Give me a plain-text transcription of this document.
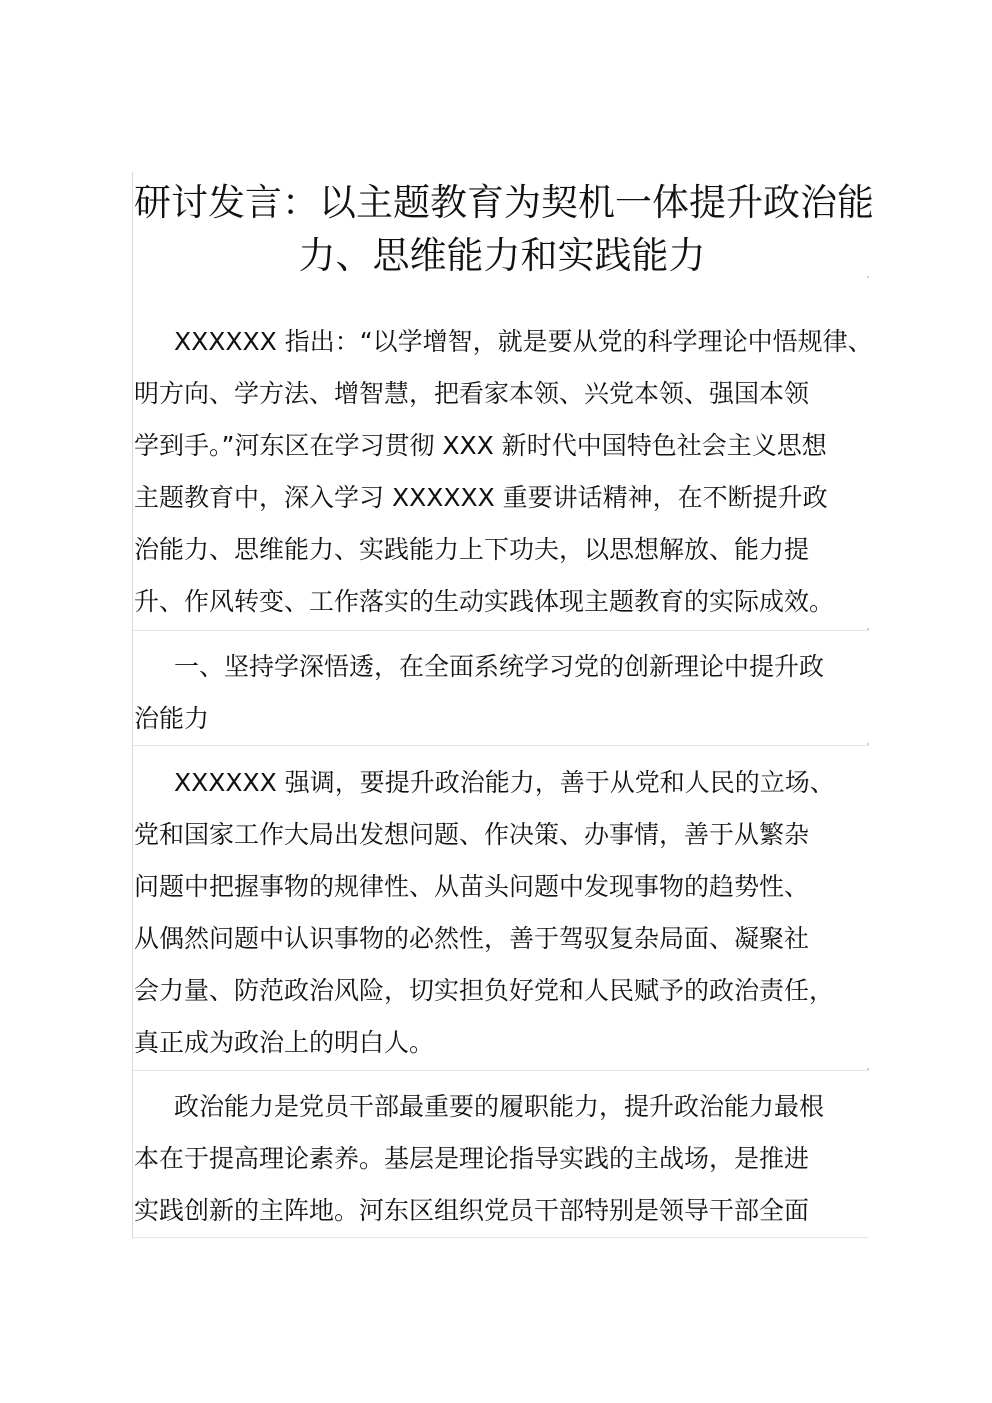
研讨发言：以主题教育为契机一体提升政治能
力、思维能力和实践能力

XXXXXX 指出：“以学增智，就是要从党的科学理论中悟规律、
明方向、学方法、增智慧，把看家本领、兴党本领、强国本领
学到手。”河东区在学习贯彻 XXX 新时代中国特色社会主义思想
主题教育中，深入学习 XXXXXX 重要讲话精神，在不断提升政
治能力、思维能力、实践能力上下功夫，以思想解放、能力提
升、作风转变、工作落实的生动实践体现主题教育的实际成效。

一、坚持学深悟透，在全面系统学习党的创新理论中提升政
治能力

XXXXXX 强调，要提升政治能力，善于从党和人民的立场、
党和国家工作大局出发想问题、作决策、办事情，善于从繁杂
问题中把握事物的规律性、从苗头问题中发现事物的趋势性、
从偶然问题中认识事物的必然性，善于驾驭复杂局面、凝聚社
会力量、防范政治风险，切实担负好党和人民赋予的政治责任，
真正成为政治上的明白人。

政治能力是党员干部最重要的履职能力，提升政治能力最根
本在于提高理论素养。基层是理论指导实践的主战场，是推进
实践创新的主阵地。河东区组织党员干部特别是领导干部全面
